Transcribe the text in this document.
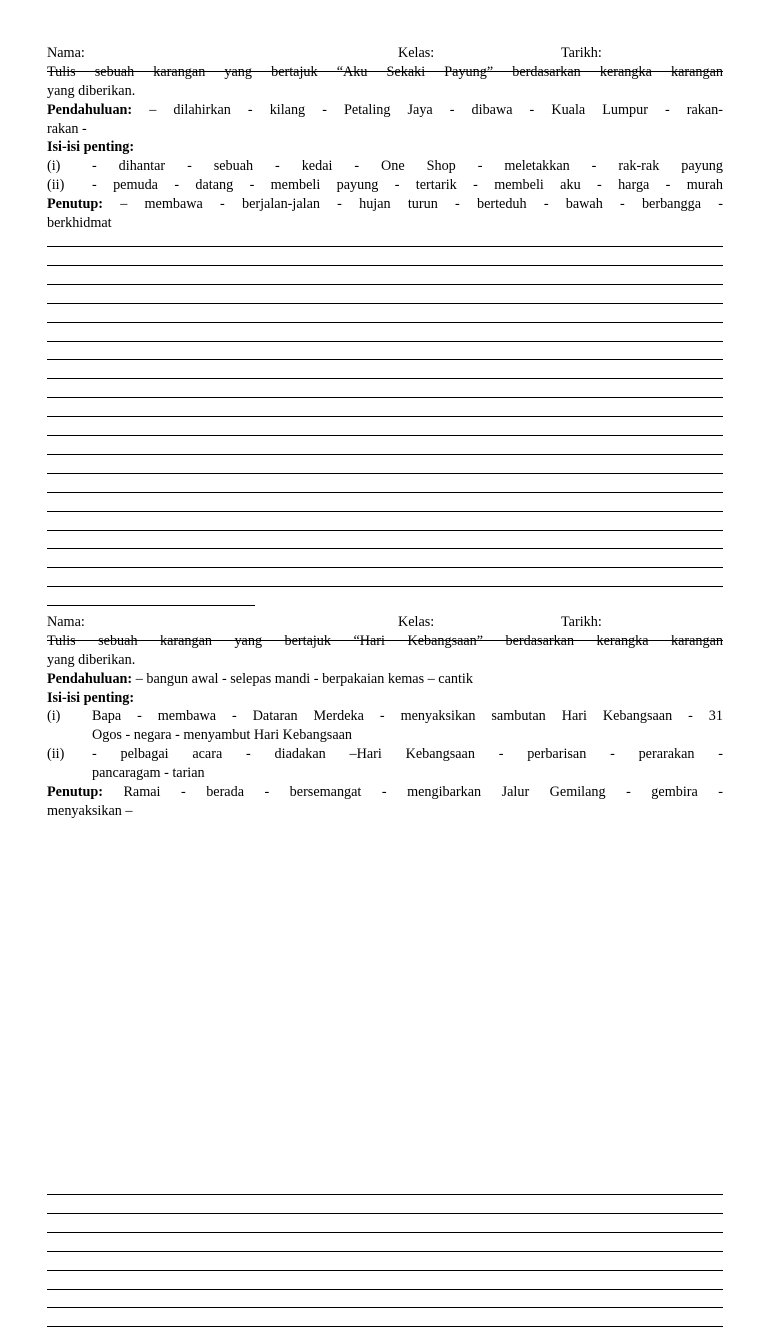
Nama:	Kelas:	Tarikh:
Tulis sebuah karangan yang bertajuk “Aku Sekaki Payung” berdasarkan kerangka karangan
yang diberikan.
Pendahuluan: – dilahirkan - kilang - Petaling Jaya - dibawa - Kuala Lumpur - rakan-
rakan -
Isi-isi penting:
(i) - dihantar - sebuah - kedai - One Shop - meletakkan - rak-rak payung
(ii) - pemuda - datang - membeli payung - tertarik - membeli aku - harga - murah
Penutup: – membawa - berjalan-jalan - hujan turun - berteduh - bawah - berbangga -
berkhidmat
Nama:	Kelas:	Tarikh:
Tulis sebuah karangan yang bertajuk “Hari Kebangsaan” berdasarkan kerangka karangan
yang diberikan.
Pendahuluan: – bangun awal - selepas mandi - berpakaian kemas – cantik
Isi-isi penting:
(i) Bapa - membawa - Dataran Merdeka - menyaksikan sambutan Hari Kebangsaan - 31
Ogos - negara - menyambut Hari Kebangsaan
(ii) - pelbagai acara - diadakan –Hari Kebangsaan - perbarisan - perarakan -
pancaragam - tarian
Penutup: Ramai - berada - bersemangat - mengibarkan Jalur Gemilang - gembira -
menyaksikan –
